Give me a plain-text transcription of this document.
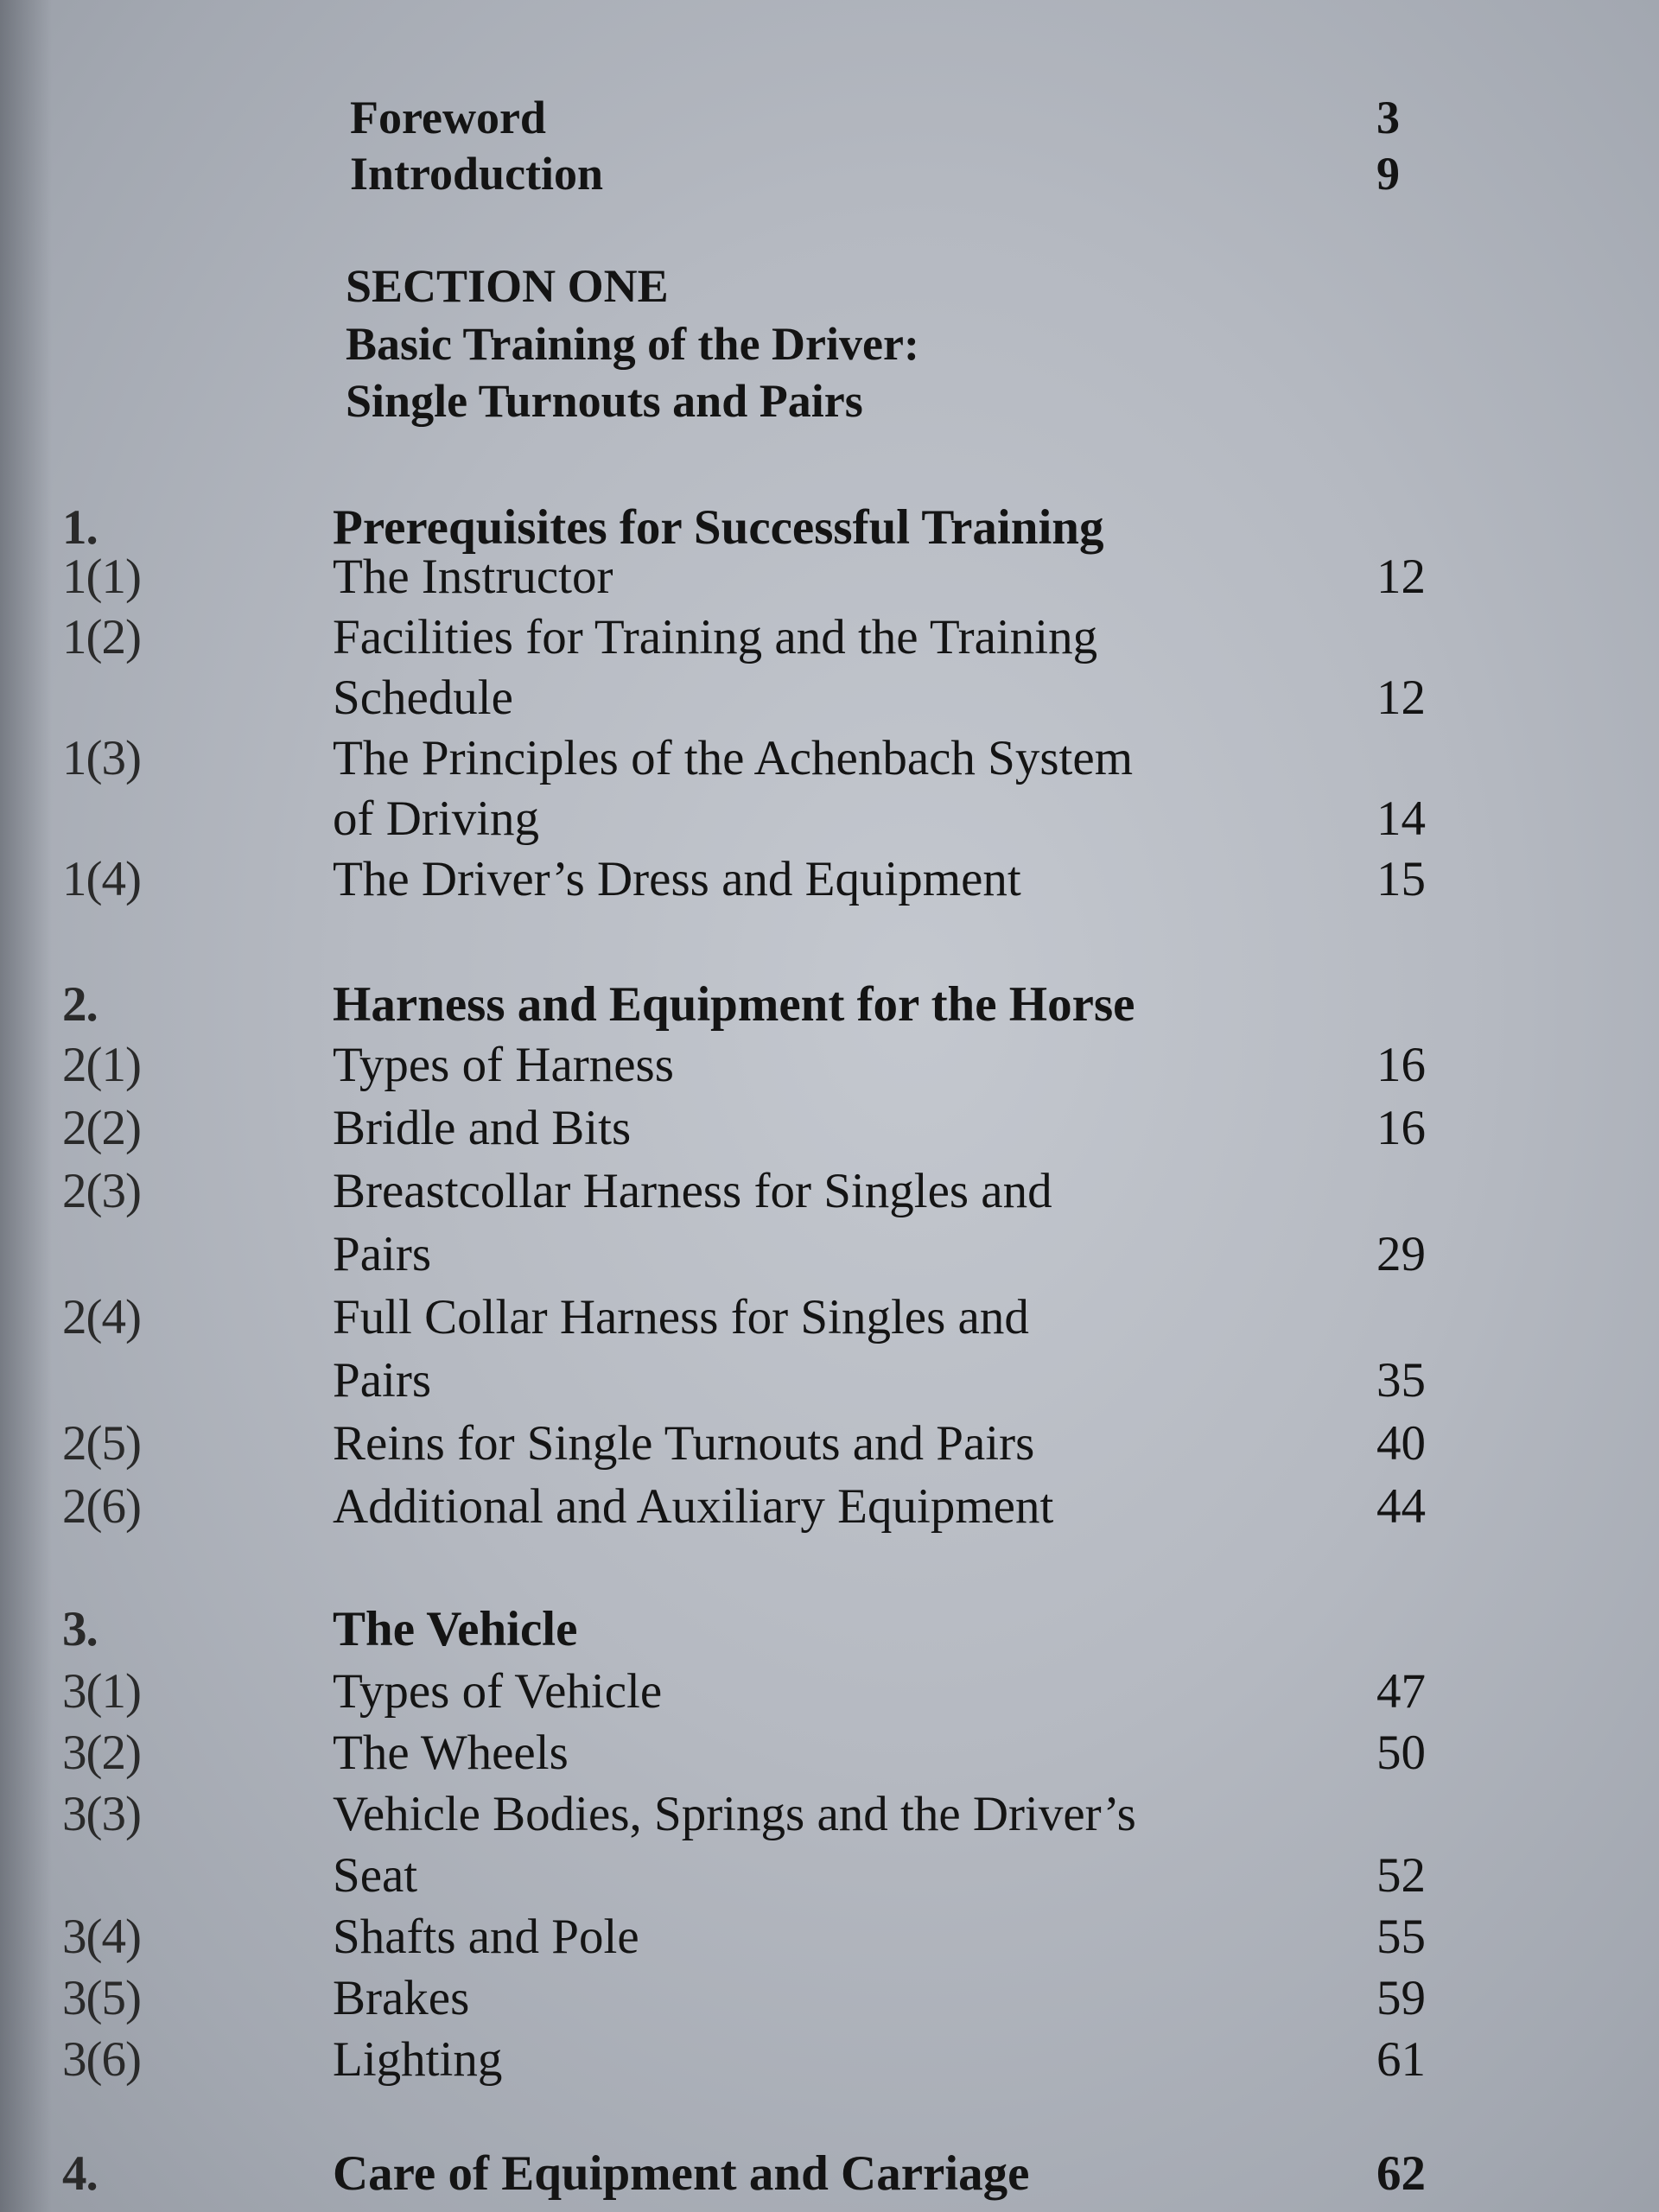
Foreword	3
Introduction	9
SECTION ONE
Basic Training of the Driver:
Single Turnouts and Pairs
1.	Prerequisites for Successful Training
1(1)	The Instructor	12
1(2)	Facilities for Training and the Training
Schedule	12
1(3)	The Principles of the Achenbach System
of Driving	14
1(4)	The Driver’s Dress and Equipment	15
2.	Harness and Equipment for the Horse
2(1)	Types of Harness	16
2(2)	Bridle and Bits	16
2(3)	Breastcollar Harness for Singles and
Pairs	29
2(4)	Full Collar Harness for Singles and
Pairs	35
2(5)	Reins for Single Turnouts and Pairs	40
2(6)	Additional and Auxiliary Equipment	44
3.	The Vehicle
3(1)	Types of Vehicle	47
3(2)	The Wheels	50
3(3)	Vehicle Bodies, Springs and the Driver’s
Seat	52
3(4)	Shafts and Pole	55
3(5)	Brakes	59
3(6)	Lighting	61
4.	Care of Equipment and Carriage	62
